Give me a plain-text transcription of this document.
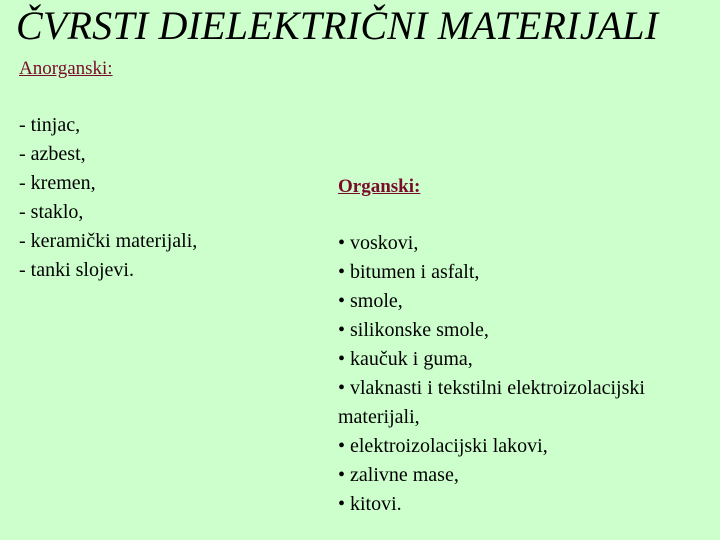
ČVRSTI DIELEKTRIČNI MATERIJALI
Anorganski:
- tinjac,
- azbest,
- kremen,
- staklo,
- keramički materijali,
- tanki slojevi.
Organski:
• voskovi,
• bitumen i asfalt,
• smole,
• silikonske smole,
• kaučuk i guma,
• vlaknasti i tekstilni elektroizolacijski materijali,
• elektroizolacijski lakovi,
• zalivne mase,
• kitovi.
